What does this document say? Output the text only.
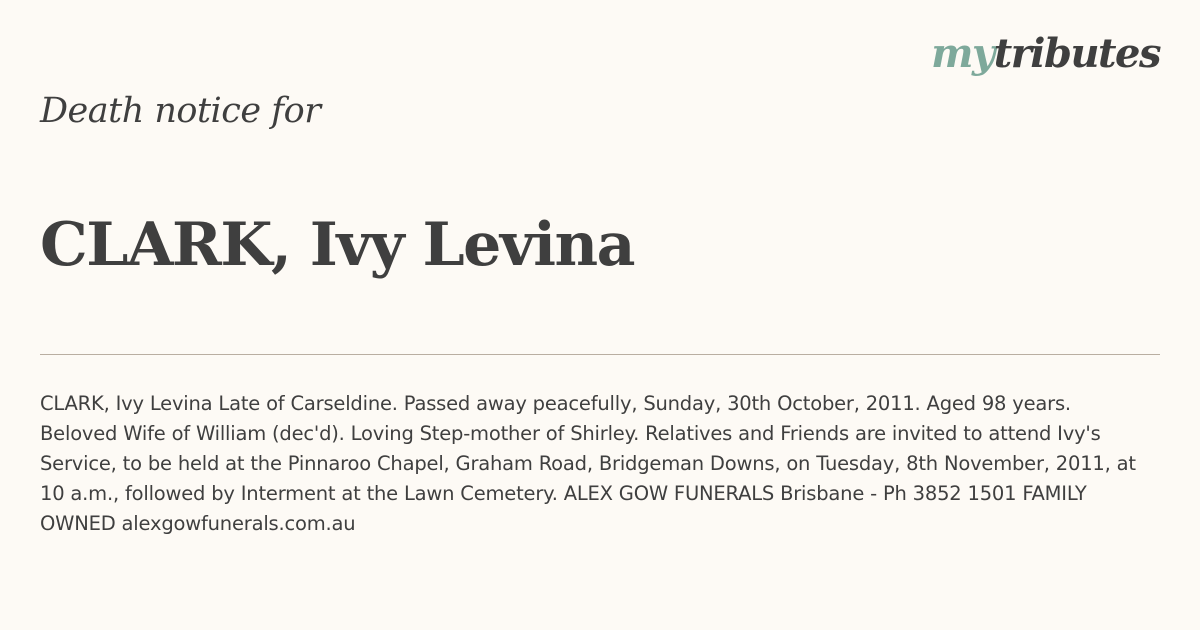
mytributes
Death notice for
CLARK, Ivy Levina

CLARK, Ivy Levina Late of Carseldine. Passed away peacefully, Sunday, 30th October, 2011. Aged 98 years. Beloved Wife of William (dec'd). Loving Step-mother of Shirley. Relatives and Friends are invited to attend Ivy's Service, to be held at the Pinnaroo Chapel, Graham Road, Bridgeman Downs, on Tuesday, 8th November, 2011, at 10 a.m., followed by Interment at the Lawn Cemetery. ALEX GOW FUNERALS Brisbane - Ph 3852 1501 FAMILY OWNED alexgowfunerals.com.au
